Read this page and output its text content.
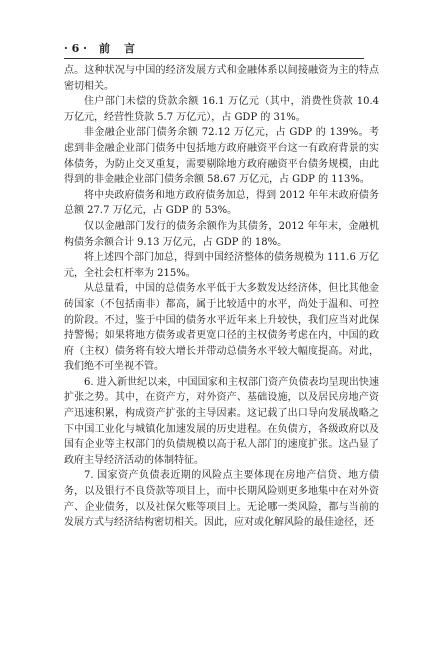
· 6 · 前言

点。这种状况与中国的经济发展方式和金融体系以间接融资为主的特点密切相关。

住户部门未偿的贷款余额 16.1 万亿元（其中，消费性贷款 10.4 万亿元，经营性贷款 5.7 万亿元），占 GDP 的 31%。

非金融企业部门债务余额 72.12 万亿元，占 GDP 的 139%。考虑到非金融企业部门债务中包括地方政府融资平台这一有政府背景的实体债务，为防止交叉重复，需要剔除地方政府融资平台债务规模，由此得到的非金融企业部门债务余额 58.67 万亿元，占 GDP 的 113%。

将中央政府债务和地方政府债务加总，得到 2012 年年末政府债务总额 27.7 万亿元，占 GDP 的 53%。

仅以金融部门发行的债务余额作为其债务，2012 年年末，金融机构债务余额合计 9.13 万亿元，占 GDP 的 18%。

将上述四个部门加总，得到中国经济整体的债务规模为 111.6 万亿元，全社会杠杆率为 215%。

从总量看，中国的总债务水平低于大多数发达经济体，但比其他金砖国家（不包括南非）都高，属于比较适中的水平，尚处于温和、可控的阶段。不过，鉴于中国的债务水平近年来上升较快，我们应当对此保持警惕；如果将地方债务或者更宽口径的主权债务考虑在内，中国的政府（主权）债务将有较大增长并带动总债务水平较大幅度提高。对此，我们绝不可坐视不管。

6. 进入新世纪以来，中国国家和主权部门资产负债表均呈现出快速扩张之势。其中，在资产方，对外资产、基础设施，以及居民房地产资产迅速积累，构成资产扩张的主导因素。这记载了出口导向发展战略之下中国工业化与城镇化加速发展的历史进程。在负债方，各级政府以及国有企业等主权部门的负债规模以高于私人部门的速度扩张。这凸显了政府主导经济活动的体制特征。

7. 国家资产负债表近期的风险点主要体现在房地产信贷、地方债务，以及银行不良贷款等项目上，而中长期风险则更多地集中在对外资产、企业债务，以及社保欠账等项目上。无论哪一类风险，都与当前的发展方式与经济结构密切相关。因此，应对或化解风险的最佳途径，还
